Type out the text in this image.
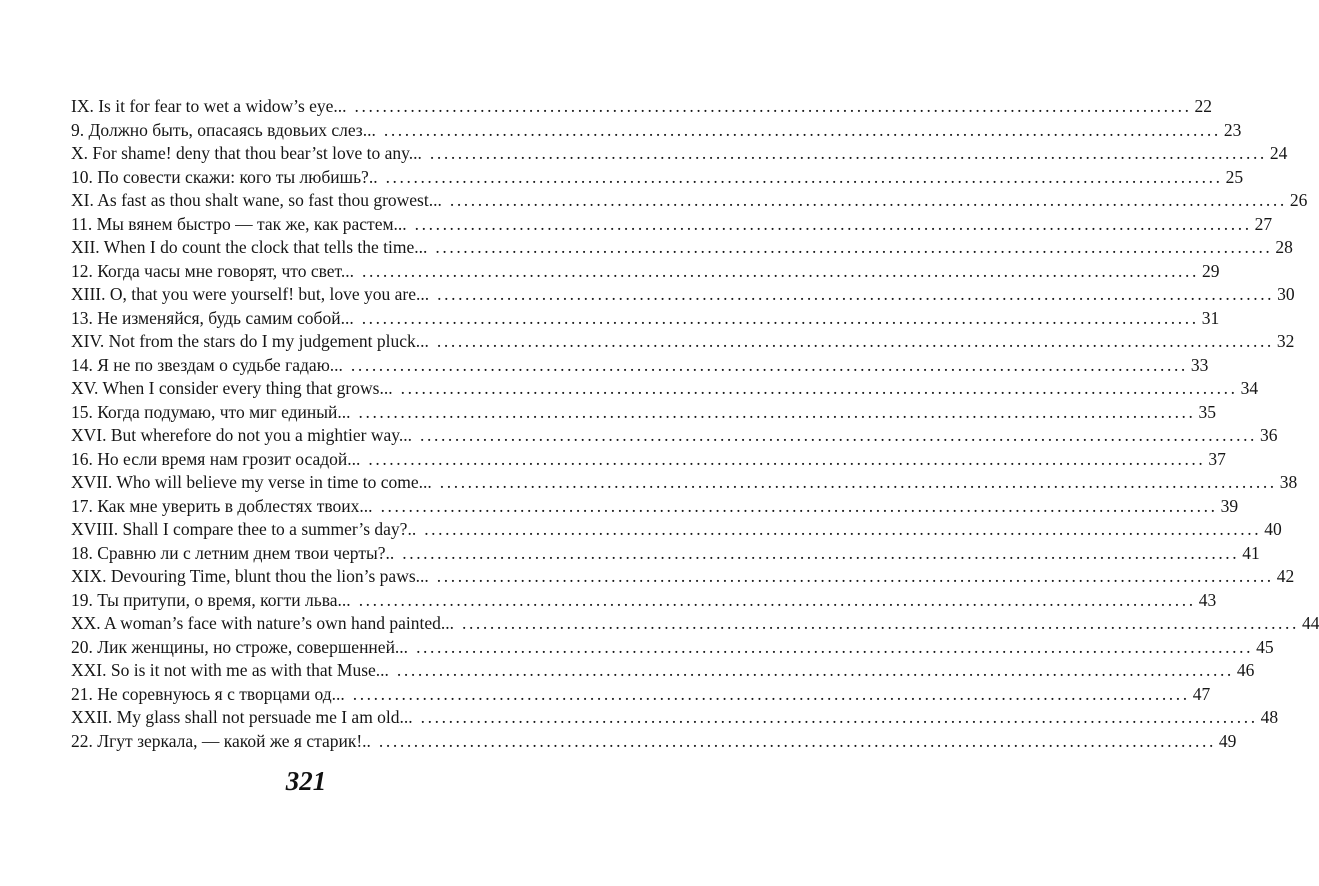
IX. Is it for fear to wet a widow’s eye... ........................................................................................................................ 22
9. Должно быть, опасаясь вдовьих слез... ........................................................................................................................ 23
X. For shame! deny that thou bear’st love to any... ........................................................................................................................ 24
10. По совести скажи: кого ты любишь?.. ........................................................................................................................ 25
XI. As fast as thou shalt wane, so fast thou growest... ........................................................................................................................ 26
11. Мы вянем быстро — так же, как растем... ........................................................................................................................ 27
XII. When I do count the clock that tells the time... ........................................................................................................................ 28
12. Когда часы мне говорят, что свет... ........................................................................................................................ 29
XIII. O, that you were yourself! but, love you are... ........................................................................................................................ 30
13. Не изменяйся, будь самим собой... ........................................................................................................................ 31
XIV. Not from the stars do I my judgement pluck... ........................................................................................................................ 32
14. Я не по звездам о судьбе гадаю... ........................................................................................................................ 33
XV. When I consider every thing that grows... ........................................................................................................................ 34
15. Когда подумаю, что миг единый... ........................................................................................................................ 35
XVI. But wherefore do not you a mightier way... ........................................................................................................................ 36
16. Но если время нам грозит осадой... ........................................................................................................................ 37
XVII. Who will believe my verse in time to come... ........................................................................................................................ 38
17. Как мне уверить в доблестях твоих... ........................................................................................................................ 39
XVIII. Shall I compare thee to a summer’s day?.. ........................................................................................................................ 40
18. Сравню ли с летним днем твои черты?.. ........................................................................................................................ 41
XIX. Devouring Time, blunt thou the lion’s paws... ........................................................................................................................ 42
19. Ты притупи, о время, когти льва... ........................................................................................................................ 43
XX. A woman’s face with nature’s own hand painted... ........................................................................................................................ 44
20. Лик женщины, но строже, совершенней... ........................................................................................................................ 45
XXI. So is it not with me as with that Muse... ........................................................................................................................ 46
21. Не соревнуюсь я с творцами од... ........................................................................................................................ 47
XXII. My glass shall not persuade me I am old... ........................................................................................................................ 48
22. Лгут зеркала, — какой же я старик!.. ........................................................................................................................ 49
321
